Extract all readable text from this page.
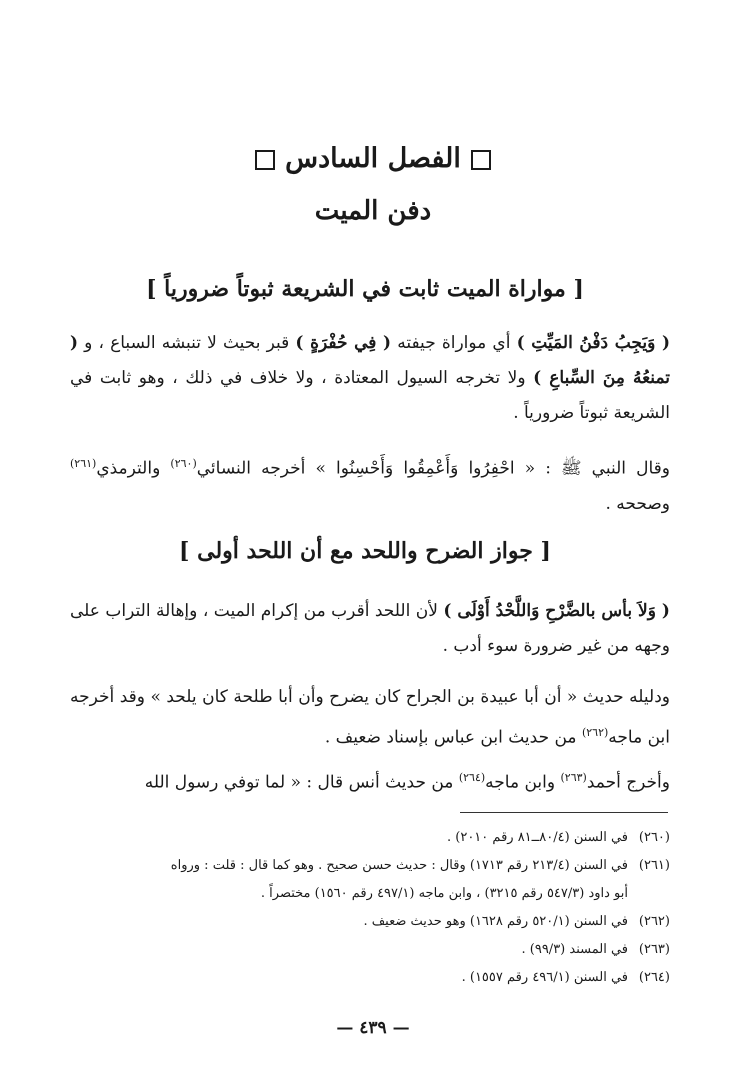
الفصل السادس
دفن الميت
[ مواراة الميت ثابت في الشريعة ثبوتاً ضرورياً ]

( وَيَجِبُ دَفْنُ المَيِّتِ ) أي مواراة جيفته ( فِي حُفْرَةٍ ) قبر بحيث لا تنبشه السباع ، و ( تمنعُهُ مِنَ السِّباعِ ) ولا تخرجه السيول المعتادة ، ولا خلاف في ذلك ، وهو ثابت في الشريعة ثبوتاً ضرورياً .

وقال النبي ﷺ : « احْفِرُوا وَأَعْمِقُوا وَأَحْسِنُوا » أخرجه النسائي$^{(٢٦٠)}$ والترمذي$^{(٢٦١)}$ وصححه .

[ جواز الضرح واللحد مع أن اللحد أولى ]

( وَلاَ بأس بالضَّرْحِ وَاللَّحْدُ أَوْلَى ) لأن اللحد أقرب من إكرام الميت ، وإهالة التراب على وجهه من غير ضرورة سوء أدب .

ودليله حديث « أن أبا عبيدة بن الجراح كان يضرح وأن أبا طلحة كان يلحد » وقد أخرجه ابن ماجه$^{(٢٦٢)}$ من حديث ابن عباس بإسناد ضعيف .

وأخرج أحمد$^{(٢٦٣)}$ وابن ماجه$^{(٢٦٤)}$ من حديث أنس قال : « لما توفي رسول الله

(٢٦٠)في السنن (٨٠/٤ــ٨١ رقم ٢٠١٠) .
(٢٦١)في السنن (٢١٣/٤ رقم ١٧١٣) وقال : حديث حسن صحيح . وهو كما قال : قلت : ورواه
أبو داود (٥٤٧/٣ رقم ٣٢١٥) ، وابن ماجه (٤٩٧/١ رقم ١٥٦٠) مختصراً .
(٢٦٢)في السنن (٥٢٠/١ رقم ١٦٢٨) وهو حديث ضعيف .
(٢٦٣)في المسند (٩٩/٣) .
(٢٦٤)في السنن (٤٩٦/١ رقم ١٥٥٧) .
— ٤٣٩ —
